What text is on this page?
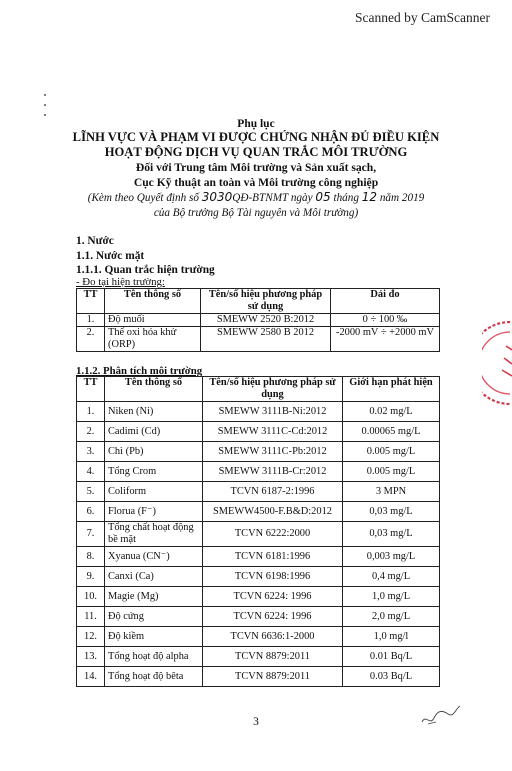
Scanned by CamScanner
Phụ lục
LĨNH VỰC VÀ PHẠM VI ĐƯỢC CHỨNG NHẬN ĐỦ ĐIỀU KIỆN
HOẠT ĐỘNG DỊCH VỤ QUAN TRẮC MÔI TRƯỜNG
Đối với Trung tâm Môi trường và Sản xuất sạch,
Cục Kỹ thuật an toàn và Môi trường công nghiệp
(Kèm theo Quyết định số 3030QĐ-BTNMT ngày 05 tháng 12 năm 2019
của Bộ trưởng Bộ Tài nguyên và Môi trường)
1. Nước
1.1. Nước mặt
1.1.1. Quan trắc hiện trường
- Đo tại hiện trường:
TT	Tên thông số	Tên/số hiệu phương pháp sử dụng	Dải đo
1.	Độ muối	SMEWW 2520 B:2012	0 ÷ 100 ‰
2.	Thế oxi hóa khử (ORP)	SMEWW 2580 B 2012	-2000 mV ÷ +2000 mV
1.1.2. Phân tích môi trường
TT	Tên thông số	Tên/số hiệu phương pháp sử dụng	Giới hạn phát hiện
1.	Niken (Ni)	SMEWW 3111B-Ni:2012	0.02 mg/L
2.	Cadimi (Cd)	SMEWW 3111C-Cd:2012	0.00065 mg/L
3.	Chì (Pb)	SMEWW 3111C-Pb:2012	0.005 mg/L
4.	Tổng Crom	SMEWW 3111B-Cr:2012	0.005 mg/L
5.	Coliform	TCVN 6187-2:1996	3 MPN
6.	Florua (F⁻)	SMEWW4500-F.B&D:2012	0,03 mg/L
7.	Tổng chất hoạt động bề mặt	TCVN 6222:2000	0,03 mg/L
8.	Xyanua (CN⁻)	TCVN 6181:1996	0,003 mg/L
9.	Canxi (Ca)	TCVN 6198:1996	0,4 mg/L
10.	Magie (Mg)	TCVN 6224: 1996	1,0 mg/L
11.	Độ cứng	TCVN 6224: 1996	2,0 mg/L
12.	Độ kiềm	TCVN 6636:1-2000	1,0 mg/l
13.	Tổng hoạt độ alpha	TCVN 8879:2011	0.01 Bq/L
14.	Tổng hoạt độ bêta	TCVN 8879:2011	0.03 Bq/L
3
